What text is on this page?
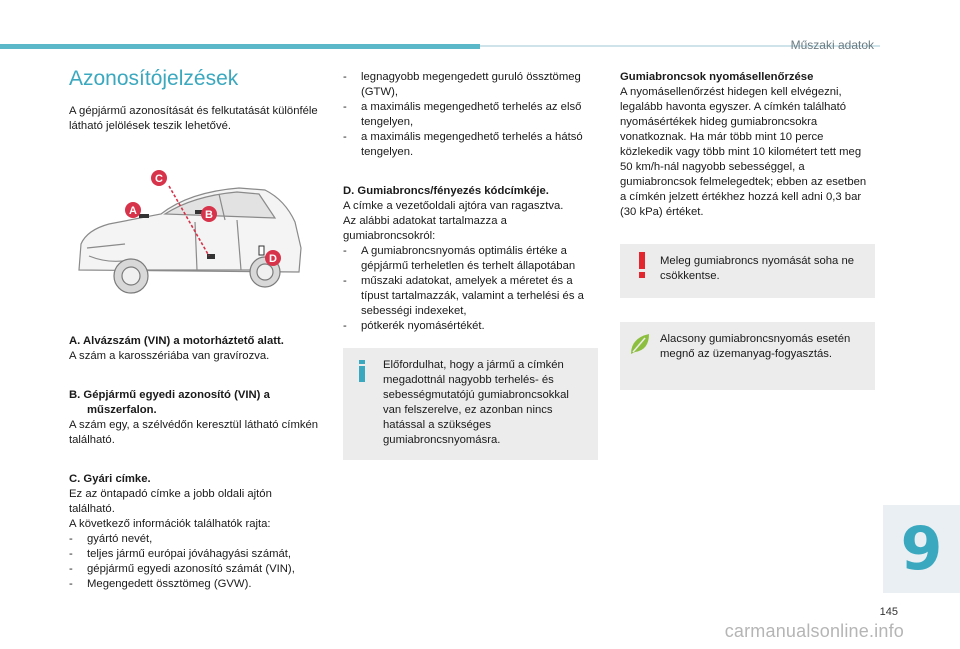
Műszaki adatok
Azonosítójelzések

A gépjármű azonosítását és felkutatását különféle látható jelölések teszik lehetővé.

A	B
C
D

A. Alvázszám (VIN) a motorháztető alatt.

A szám a karosszériába van gravírozva.

B. Gépjármű egyedi azonosító (VIN) a

műszerfalon.

A szám egy, a szélvédőn keresztül látható címkén található.

C. Gyári címke.

Ez az öntapadó címke a jobb oldali ajtón található.

A következő információk találhatók rajta:

- gyártó nevét,
- teljes jármű európai jóváhagyási számát,
- gépjármű egyedi azonosító számát (VIN),
- Megengedett össztömeg (GVW).
- legnagyobb megengedett guruló össztömeg (GTW),
- a maximális megengedhető terhelés az első tengelyen,
- a maximális megengedhető terhelés a hátsó tengelyen.

D. Gumiabroncs/fényezés kódcímkéje.

A címke a vezetőoldali ajtóra van ragasztva.

Az alábbi adatokat tartalmazza a gumiabroncsokról:

- A gumiabroncsnyomás optimális értéke a gépjármű terheletlen és terhelt állapotában
- műszaki adatokat, amelyek a méretet és a típust tartalmazzák, valamint a terhelési és a sebességi indexeket,
- pótkerék nyomásértékét.

Előfordulhat, hogy a jármű a címkén megadottnál nagyobb terhelés- és sebességmutatójú gumiabroncsokkal van felszerelve, ez azonban nincs hatással a szükséges gumiabroncsnyomásra.

Gumiabroncsok nyomásellenőrzése

A nyomásellenőrzést hidegen kell elvégezni, legalább havonta egyszer. A címkén található nyomásértékek hideg gumiabroncsokra vonatkoznak. Ha már több mint 10 perce közlekedik vagy több mint 10 kilométert tett meg 50 km/h-nál nagyobb sebességgel, a gumiabroncsok felmelegedtek; ebben az esetben a címkén jelzett értékhez hozzá kell adni 0,3 bar (30 kPa) értéket.

Meleg gumiabroncs nyomását soha ne csökkentse.

Alacsony gumiabroncsnyomás esetén megnő az üzemanyag-fogyasztás.

9
145
carmanualsonline.info
